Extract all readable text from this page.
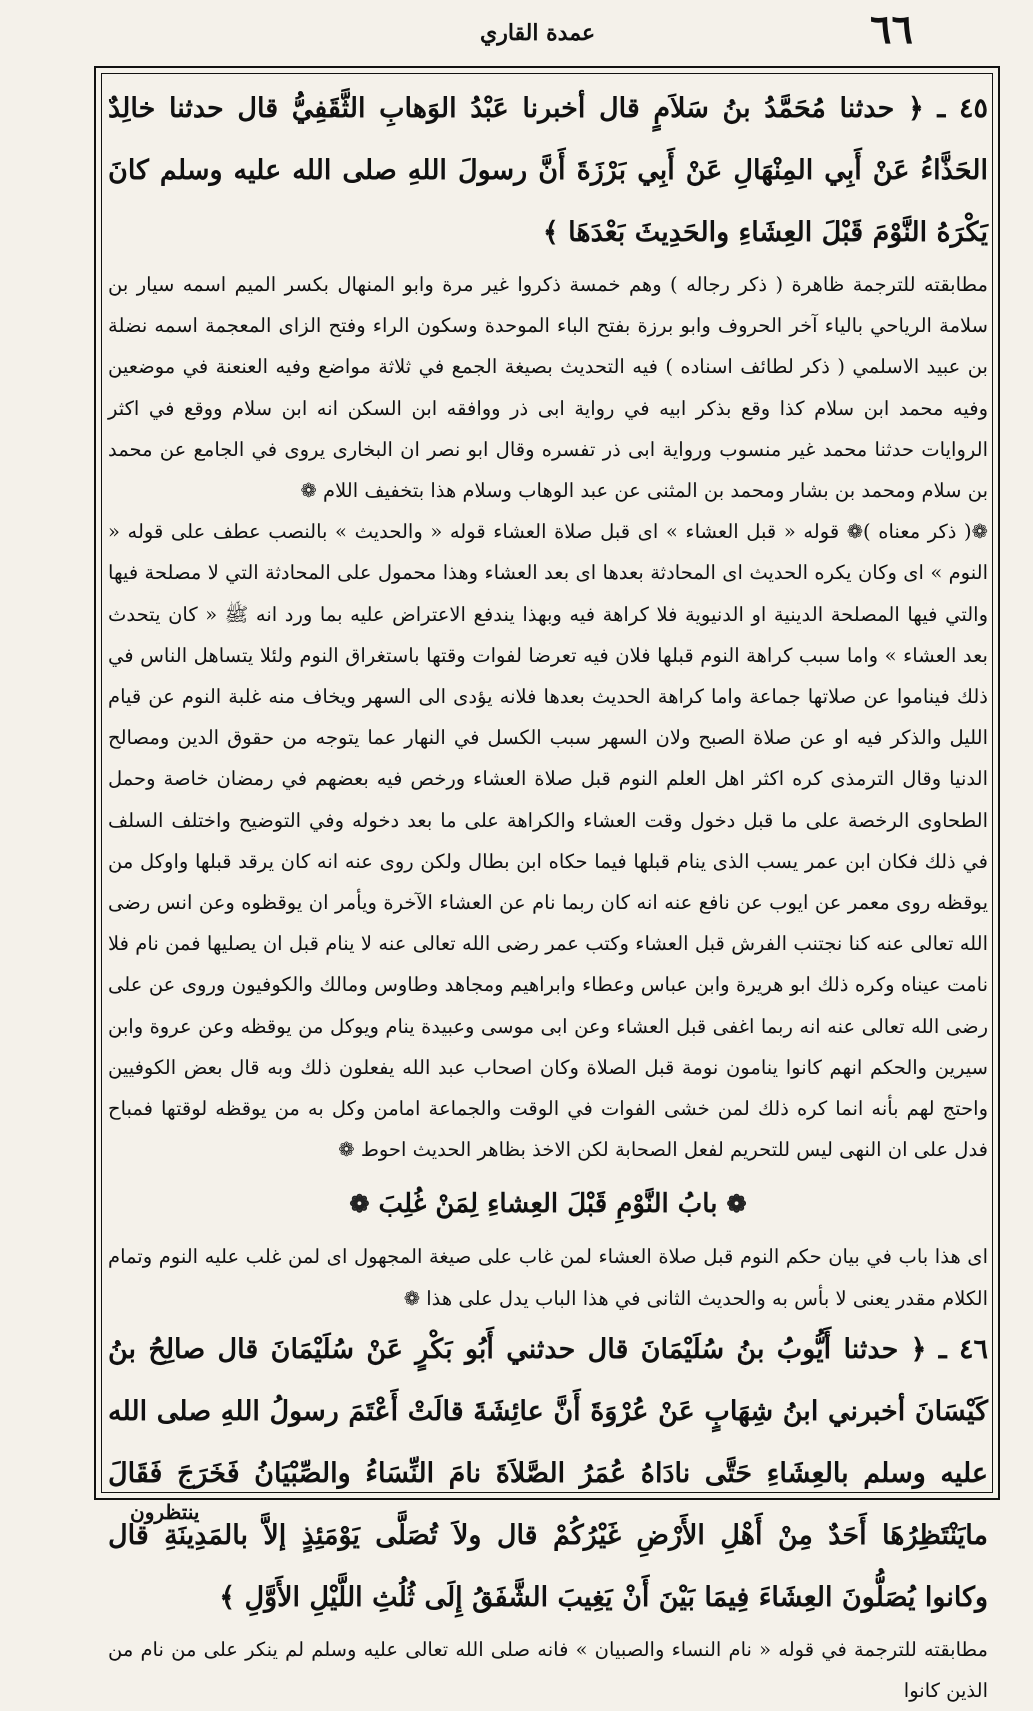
٦٦
عمدة القاري

٤٥ ـ ﴿ حدثنا مُحَمَّدُ بنُ سَلاَمٍ قال أخبرنا عَبْدُ الوَهابِ الثَّقَفِيُّ قال حدثنا خالِدٌ الحَذَّاءُ عَنْ أَبِي المِنْهَالِ عَنْ أَبِي بَرْزَةَ أَنَّ رسولَ اللهِ صلى الله عليه وسلم كانَ يَكْرَهُ النَّوْمَ قَبْلَ العِشَاءِ والحَدِيثَ بَعْدَهَا ﴾

مطابقته للترجمة ظاهرة ( ذكر رجاله ) وهم خمسة ذكروا غير مرة وابو المنهال بكسر الميم اسمه سيار بن سلامة الرياحي بالياء آخر الحروف وابو برزة بفتح الباء الموحدة وسكون الراء وفتح الزاى المعجمة اسمه نضلة بن عبيد الاسلمي ( ذكر لطائف اسناده ) فيه التحديث بصيغة الجمع في ثلاثة مواضع وفيه العنعنة في موضعين وفيه محمد ابن سلام كذا وقع بذكر ابيه في رواية ابى ذر ووافقه ابن السكن انه ابن سلام ووقع في اكثر الروايات حدثنا محمد غير منسوب ورواية ابى ذر تفسره وقال ابو نصر ان البخارى يروى في الجامع عن محمد بن سلام ومحمد بن بشار ومحمد بن المثنى عن عبد الوهاب وسلام هذا بتخفيف اللام ❁

❁( ذكر معناه )❁ قوله « قبل العشاء » اى قبل صلاة العشاء قوله « والحديث » بالنصب عطف على قوله « النوم » اى وكان يكره الحديث اى المحادثة بعدها اى بعد العشاء وهذا محمول على المحادثة التي لا مصلحة فيها والتي فيها المصلحة الدينية او الدنيوية فلا كراهة فيه وبهذا يندفع الاعتراض عليه بما ورد انه ﷺ « كان يتحدث بعد العشاء » واما سبب كراهة النوم قبلها فلان فيه تعرضا لفوات وقتها باستغراق النوم ولئلا يتساهل الناس في ذلك فيناموا عن صلاتها جماعة واما كراهة الحديث بعدها فلانه يؤدى الى السهر ويخاف منه غلبة النوم عن قيام الليل والذكر فيه او عن صلاة الصبح ولان السهر سبب الكسل في النهار عما يتوجه من حقوق الدين ومصالح الدنيا وقال الترمذى كره اكثر اهل العلم النوم قبل صلاة العشاء ورخص فيه بعضهم في رمضان خاصة وحمل الطحاوى الرخصة على ما قبل دخول وقت العشاء والكراهة على ما بعد دخوله وفي التوضيح واختلف السلف في ذلك فكان ابن عمر يسب الذى ينام قبلها فيما حكاه ابن بطال ولكن روى عنه انه كان يرقد قبلها واوكل من يوقظه روى معمر عن ايوب عن نافع عنه انه كان ربما نام عن العشاء الآخرة ويأمر ان يوقظوه وعن انس رضى الله تعالى عنه كنا نجتنب الفرش قبل العشاء وكتب عمر رضى الله تعالى عنه لا ينام قبل ان يصليها فمن نام فلا نامت عيناه وكره ذلك ابو هريرة وابن عباس وعطاء وابراهيم ومجاهد وطاوس ومالك والكوفيون وروى عن على رضى الله تعالى عنه انه ربما اغفى قبل العشاء وعن ابى موسى وعبيدة ينام ويوكل من يوقظه وعن عروة وابن سيرين والحكم انهم كانوا ينامون نومة قبل الصلاة وكان اصحاب عبد الله يفعلون ذلك وبه قال بعض الكوفيين واحتج لهم بأنه انما كره ذلك لمن خشى الفوات في الوقت والجماعة امامن وكل به من يوقظه لوقتها فمباح فدل على ان النهى ليس للتحريم لفعل الصحابة لكن الاخذ بظاهر الحديث احوط ❁

❁ بابُ النَّوْمِ قَبْلَ العِشاءِ لِمَنْ غُلِبَ ❁

اى هذا باب في بيان حكم النوم قبل صلاة العشاء لمن غاب على صيغة المجهول اى لمن غلب عليه النوم وتمام الكلام مقدر يعنى لا بأس به والحديث الثانى في هذا الباب يدل على هذا ❁

٤٦ ـ ﴿ حدثنا أَيُّوبُ بنُ سُلَيْمَانَ قال حدثني أَبُو بَكْرٍ عَنْ سُلَيْمَانَ قال صالِحُ بنُ كَيْسَانَ أخبرني ابنُ شِهَابٍ عَنْ عُرْوَةَ أَنَّ عائِشَةَ قالَتْ أَعْتَمَ رسولُ اللهِ صلى الله عليه وسلم بالعِشَاءِ حَتَّى نادَاهُ عُمَرُ الصَّلاَةَ نامَ النِّسَاءُ والصِّبْيَانُ فَخَرَجَ فَقَالَ مايَنْتَظِرُهَا أَحَدٌ مِنْ أَهْلِ الأَرْضِ غَيْرُكُمْ قال ولاَ تُصَلَّى يَوْمَئِذٍ إلاَّ بالمَدِينَةِ قال وكانوا يُصَلُّونَ العِشَاءَ فِيمَا بَيْنَ أَنْ يَغِيبَ الشَّفَقُ إِلَى ثُلُثِ اللَّيْلِ الأَوَّلِ ﴾

مطابقته للترجمة في قوله « نام النساء والصبيان » فانه صلى الله تعالى عليه وسلم لم ينكر على من نام من الذين كانوا

ينتظرون
